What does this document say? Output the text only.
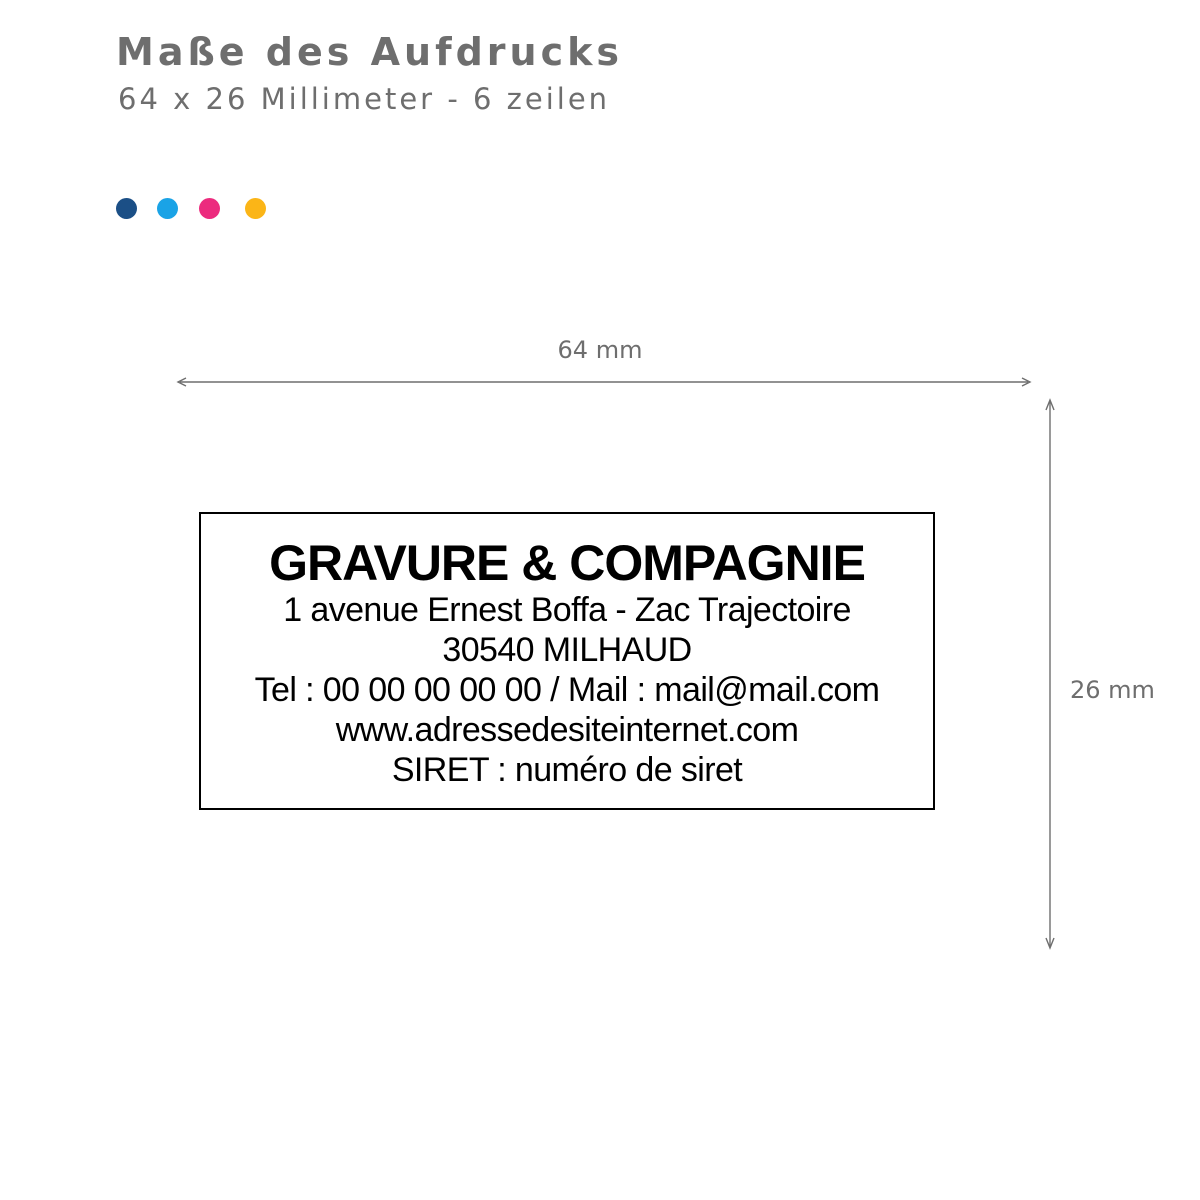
Maße des Aufdrucks
64 x 26 Millimeter - 6 zeilen
64 mm
26 mm
GRAVURE & COMPAGNIE
1 avenue Ernest Boffa - Zac Trajectoire
30540 MILHAUD
Tel : 00 00 00 00 00 / Mail : mail@mail.com
www.adressedesiteinternet.com
SIRET : numéro de siret
